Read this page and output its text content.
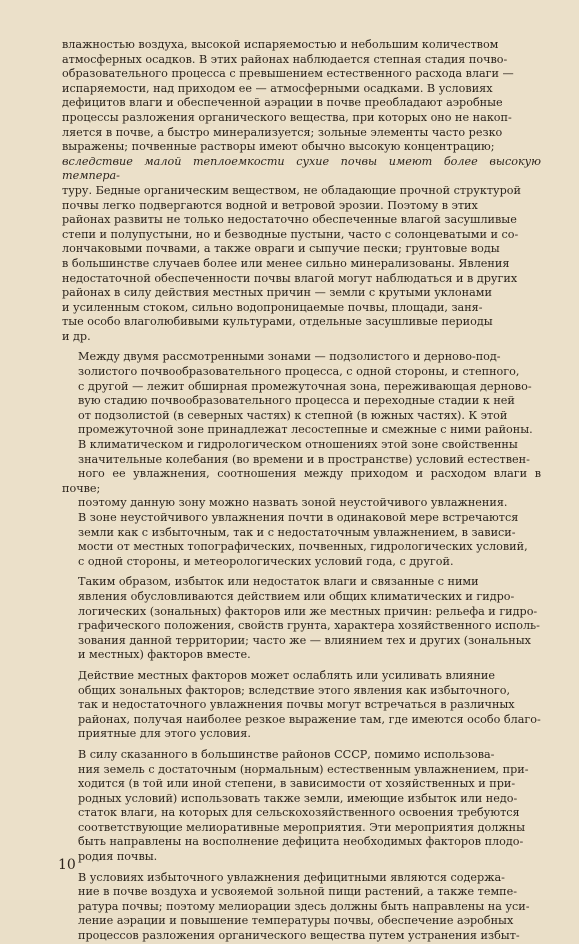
влажностью воздуха, высокой испаряемостью и небольшим количеством
атмосферных осадков. В этих районах наблюдается степная стадия почво-
образовательного процесса с превышением естественного расхода влаги —
испаряемости, над приходом ее — атмосферными осадками. В условиях
дефицитов влаги и обеспеченной аэрации в почве преобладают аэробные
процессы разложения органического вещества, при которых оно не накоп-
ляется в почве, а быстро минерализуется; зольные элементы часто резко
выражены; почвенные растворы имеют обычно высокую концентрацию;
вследствие малой теплоемкости сухие почвы имеют более высокую темпера-
туру. Бедные органическим веществом, не обладающие прочной структурой
почвы легко подвергаются водной и ветровой эрозии. Поэтому в этих
районах развиты не только недостаточно обеспеченные влагой засушливые
степи и полупустыни, но и безводные пустыни, часто с солонцеватыми и со-
лончаковыми почвами, а также овраги и сыпучие пески; грунтовые воды
в большинстве случаев более или менее сильно минерализованы. Явления
недостаточной обеспеченности почвы влагой могут наблюдаться и в других
районах в силу действия местных причин — земли с крутыми уклонами
и усиленным стоком, сильно водопроницаемые почвы, площади, заня-
тые особо влаголюбивыми культурами, отдельные засушливые периоды
и др.
Между двумя рассмотренными зонами — подзолистого и дерново-под-
золистого почвообразовательного процесса, с одной стороны, и степного,
с другой — лежит обширная промежуточная зона, переживающая дерново-
вую стадию почвообразовательного процесса и переходные стадии к ней
от подзолистой (в северных частях) к степной (в южных частях). К этой
промежуточной зоне принадлежат лесостепные и смежные с ними районы.
В климатическом и гидрологическом отношениях этой зоне свойственны
значительные колебания (во времени и в пространстве) условий естествен-
ного ее увлажнения, соотношения между приходом и расходом влаги в почве;
поэтому данную зону можно назвать зоной неустойчивого увлажнения.
В зоне неустойчивого увлажнения почти в одинаковой мере встречаются
земли как с избыточным, так и с недостаточным увлажнением, в зависи-
мости от местных топографических, почвенных, гидрологических условий,
с одной стороны, и метеорологических условий года, с другой.
Таким образом, избыток или недостаток влаги и связанные с ними
явления обусловливаются действием или общих климатических и гидро-
логических (зональных) факторов или же местных причин: рельефа и гидро-
графического положения, свойств грунта, характера хозяйственного исполь-
зования данной территории; часто же — влиянием тех и других (зональных
и местных) факторов вместе.
Действие местных факторов может ослаблять или усиливать влияние
общих зональных факторов; вследствие этого явления как избыточного,
так и недостаточного увлажнения почвы могут встречаться в различных
районах, получая наиболее резкое выражение там, где имеются особо благо-
приятные для этого условия.
В силу сказанного в большинстве районов СССР, помимо использова-
ния земель с достаточным (нормальным) естественным увлажнением, при-
ходится (в той или иной степени, в зависимости от хозяйственных и при-
родных условий) использовать также земли, имеющие избыток или недо-
статок влаги, на которых для сельскохозяйственного освоения требуются
соответствующие мелиоративные мероприятия. Эти мероприятия должны
быть направлены на восполнение дефицита необходимых факторов плодо-
родия почвы.
В условиях избыточного увлажнения дефицитными являются содержа-
ние в почве воздуха и усвояемой зольной пищи растений, а также темпе-
ратура почвы; поэтому мелиорации здесь должны быть направлены на уси-
ление аэрации и повышение температуры почвы, обеспечение аэробных
процессов разложения органического вещества путем устранения избыт-
10
